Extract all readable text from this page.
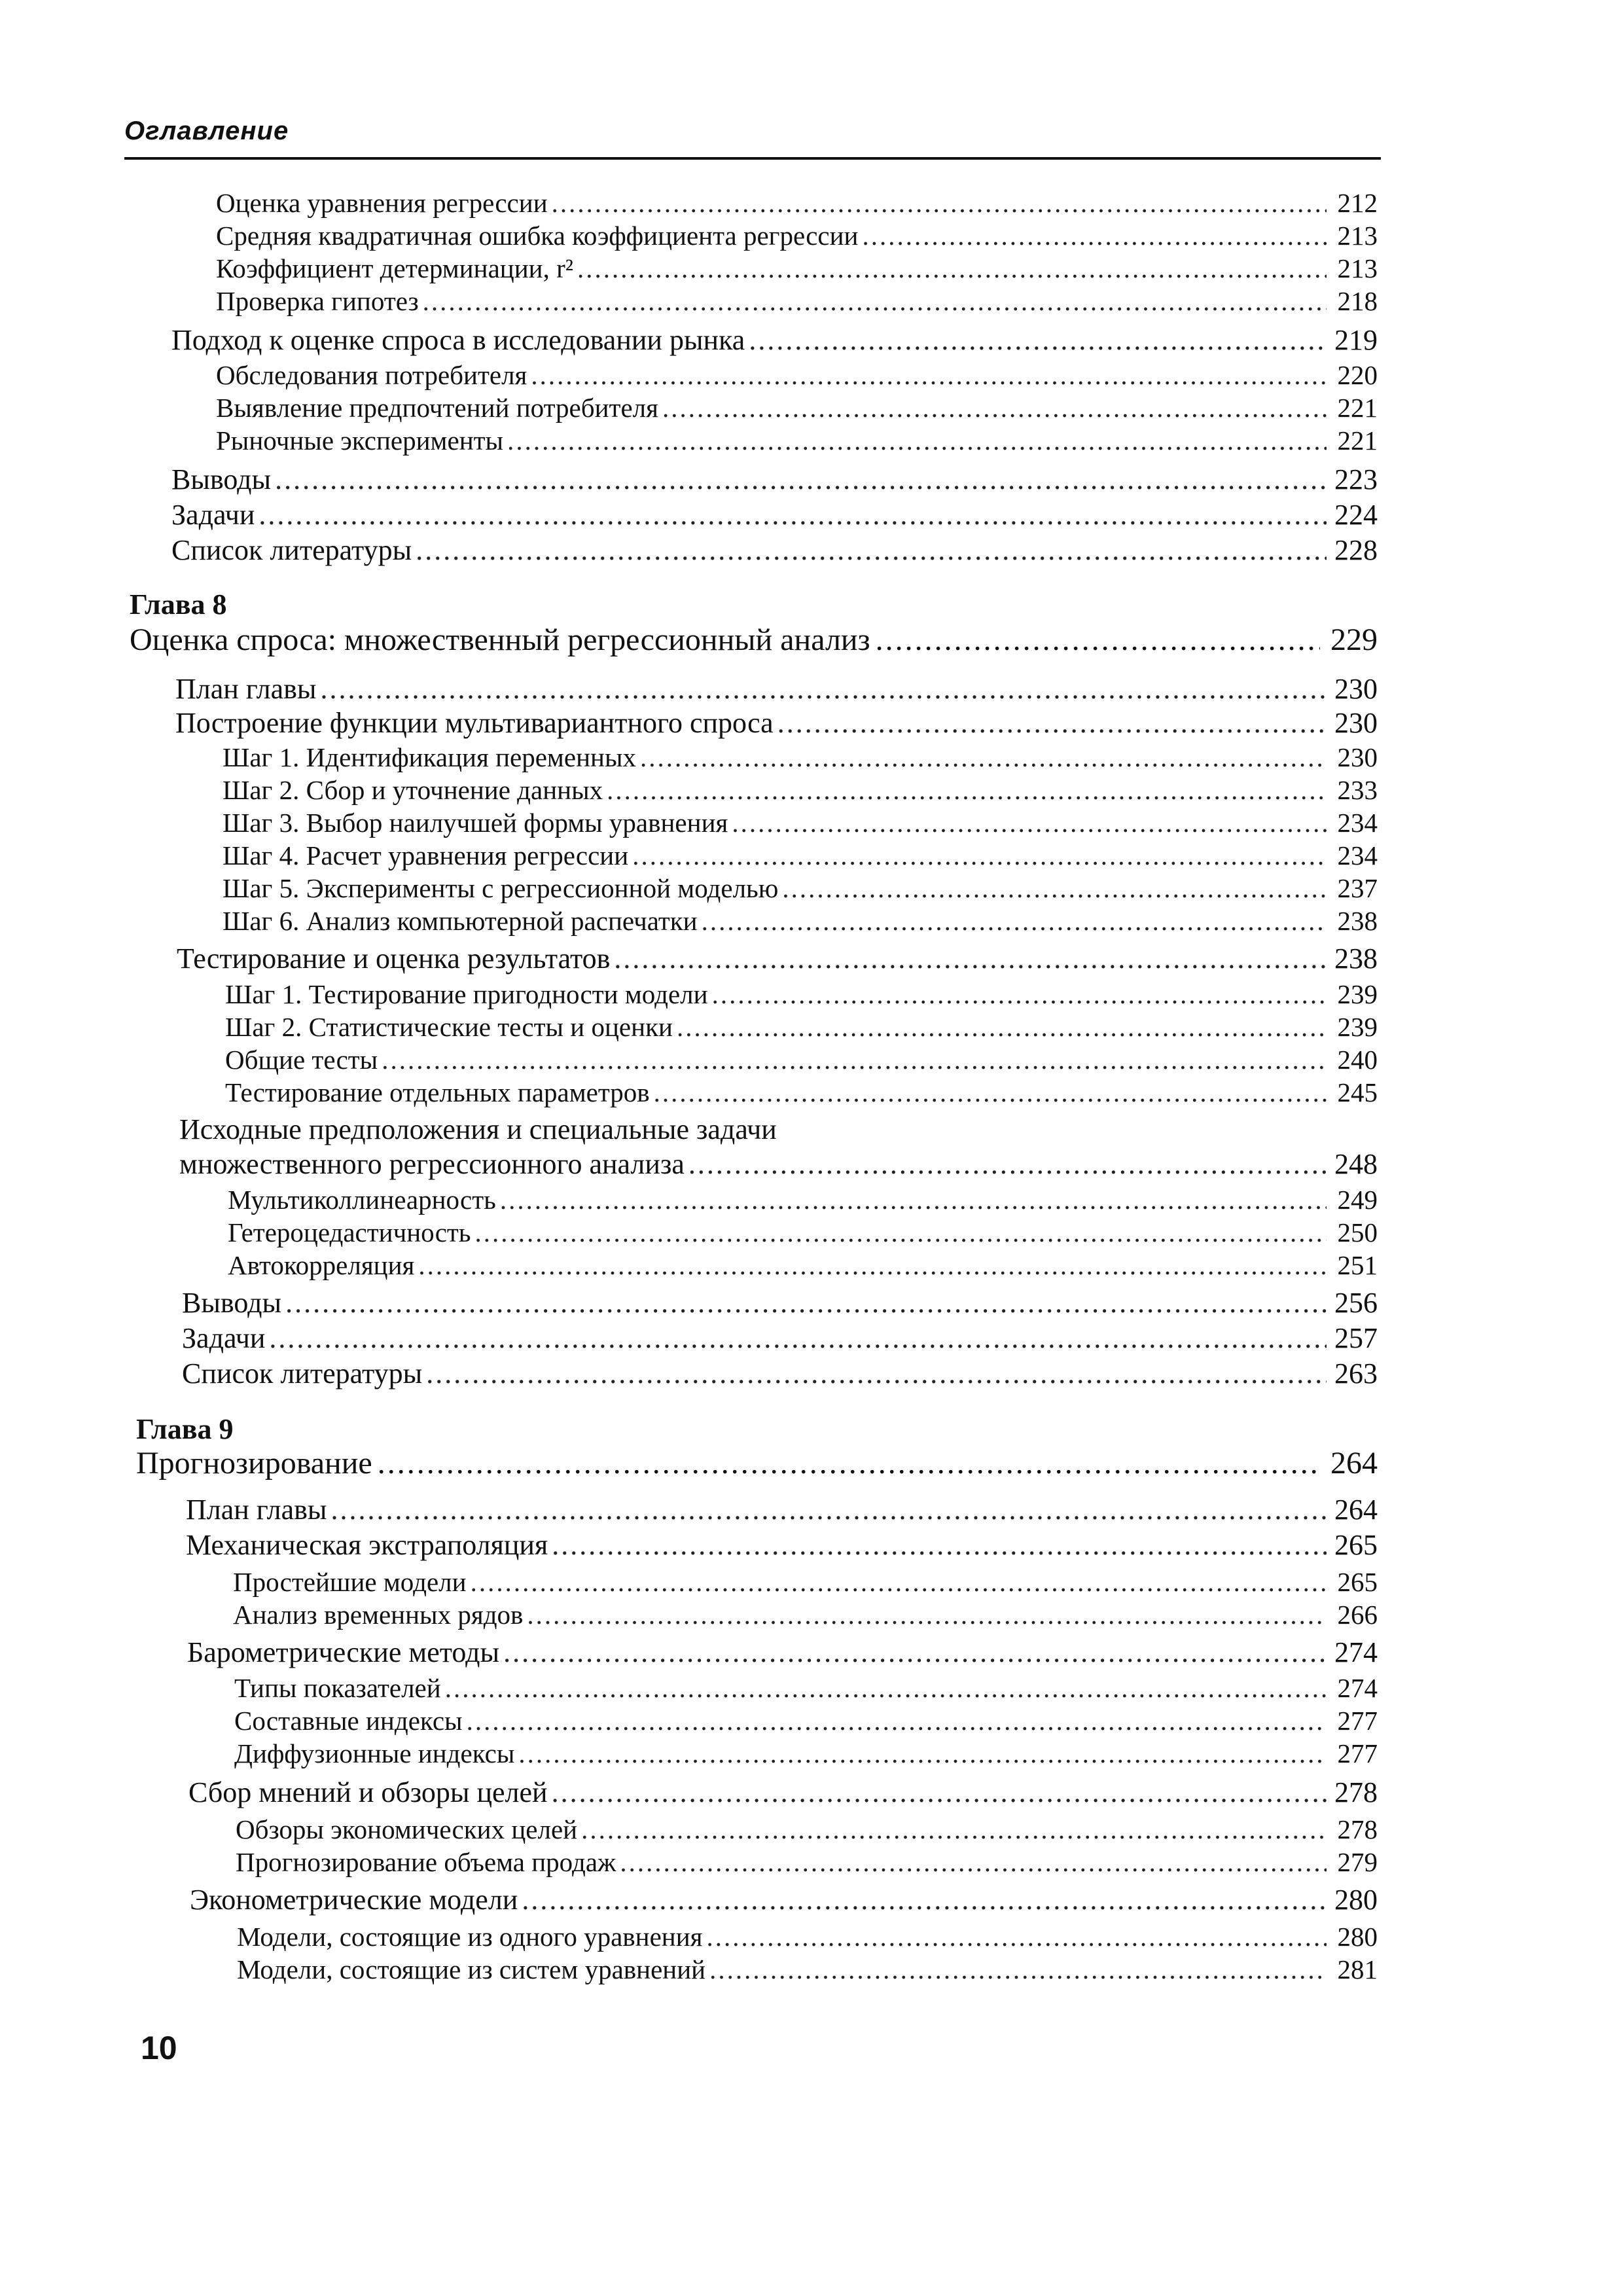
Оглавление
Оценка уравнения регрессии .....	212
Средняя квадратичная ошибка коэффициента регрессии .....	213
Коэффициент детерминации, r² .....	213
Проверка гипотез .....	218
Подход к оценке спроса в исследовании рынка .....	219
Обследования потребителя .....	220
Выявление предпочтений потребителя .....	221
Рыночные эксперименты .....	221
Выводы .....	223
Задачи .....	224
Список литературы .....	228
Глава 8
Оценка спроса: множественный регрессионный анализ .....	229
План главы .....	230
Построение функции мультивариантного спроса .....	230
Шаг 1. Идентификация переменных .....	230
Шаг 2. Сбор и уточнение данных .....	233
Шаг 3. Выбор наилучшей формы уравнения .....	234
Шаг 4. Расчет уравнения регрессии .....	234
Шаг 5. Эксперименты с регрессионной моделью .....	237
Шаг 6. Анализ компьютерной распечатки .....	238
Тестирование и оценка результатов .....	238
Шаг 1. Тестирование пригодности модели .....	239
Шаг 2. Статистические тесты и оценки .....	239
Общие тесты .....	240
Тестирование отдельных параметров .....	245
Исходные предположения и специальные задачи
множественного регрессионного анализа .....	248
Мультиколлинеарность .....	249
Гетероцедастичность .....	250
Автокорреляция .....	251
Выводы .....	256
Задачи .....	257
Список литературы .....	263
Глава 9
Прогнозирование .....	264
План главы .....	264
Механическая экстраполяция .....	265
Простейшие модели .....	265
Анализ временных рядов .....	266
Барометрические методы .....	274
Типы показателей .....	274
Составные индексы .....	277
Диффузионные индексы .....	277
Сбор мнений и обзоры целей .....	278
Обзоры экономических целей .....	278
Прогнозирование объема продаж .....	279
Эконометрические модели .....	280
Модели, состоящие из одного уравнения .....	280
Модели, состоящие из систем уравнений .....	281
10
